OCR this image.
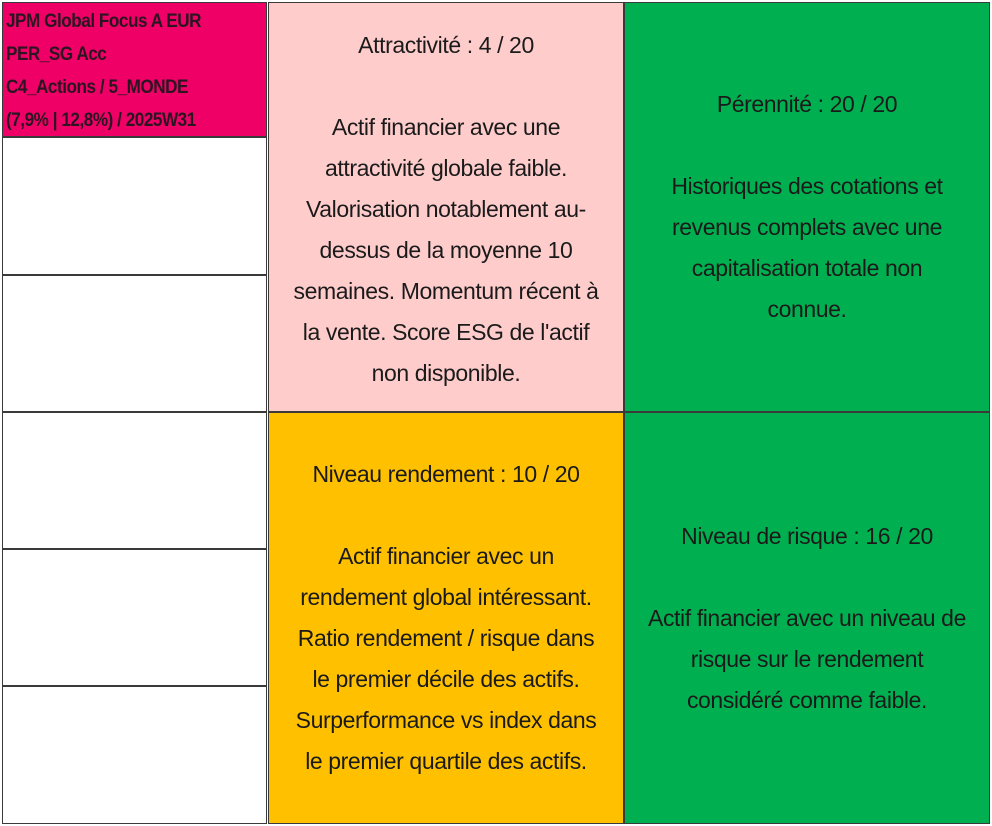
JPM Global Focus A EUR
PER_SG Acc
C4_Actions / 5_MONDE
(7,9% | 12,8%) / 2025W31
Attractivité : 4 / 20
Actif financier avec une
attractivité globale faible.
Valorisation notablement au-
dessus de la moyenne 10
semaines. Momentum récent à
la vente. Score ESG de l'actif
non disponible.
Pérennité : 20 / 20
Historiques des cotations et
revenus complets avec une
capitalisation totale non
connue.
Niveau rendement : 10 / 20
Actif financier avec un
rendement global intéressant.
Ratio rendement / risque dans
le premier décile des actifs.
Surperformance vs index dans
le premier quartile des actifs.
Niveau de risque : 16 / 20
Actif financier avec un niveau de
risque sur le rendement
considéré comme faible.
